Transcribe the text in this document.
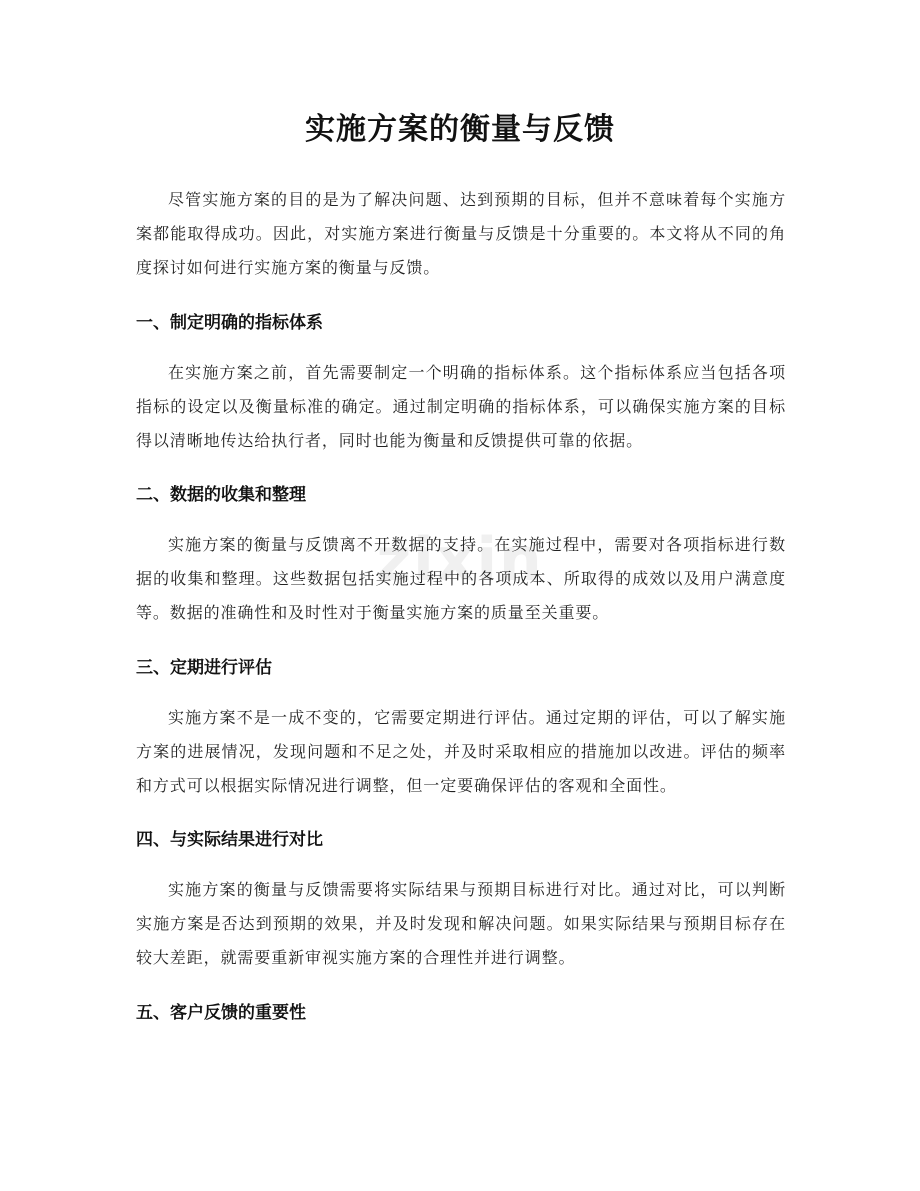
zixin
实施方案的衡量与反馈

尽管实施方案的目的是为了解决问题、达到预期的目标，但并不意味着每个实施方案都能取得成功。因此，对实施方案进行衡量与反馈是十分重要的。本文将从不同的角度探讨如何进行实施方案的衡量与反馈。

一、制定明确的指标体系

在实施方案之前，首先需要制定一个明确的指标体系。这个指标体系应当包括各项指标的设定以及衡量标准的确定。通过制定明确的指标体系，可以确保实施方案的目标得以清晰地传达给执行者，同时也能为衡量和反馈提供可靠的依据。

二、数据的收集和整理

实施方案的衡量与反馈离不开数据的支持。在实施过程中，需要对各项指标进行数据的收集和整理。这些数据包括实施过程中的各项成本、所取得的成效以及用户满意度等。数据的准确性和及时性对于衡量实施方案的质量至关重要。

三、定期进行评估

实施方案不是一成不变的，它需要定期进行评估。通过定期的评估，可以了解实施方案的进展情况，发现问题和不足之处，并及时采取相应的措施加以改进。评估的频率和方式可以根据实际情况进行调整，但一定要确保评估的客观和全面性。

四、与实际结果进行对比

实施方案的衡量与反馈需要将实际结果与预期目标进行对比。通过对比，可以判断实施方案是否达到预期的效果，并及时发现和解决问题。如果实际结果与预期目标存在较大差距，就需要重新审视实施方案的合理性并进行调整。

五、客户反馈的重要性
